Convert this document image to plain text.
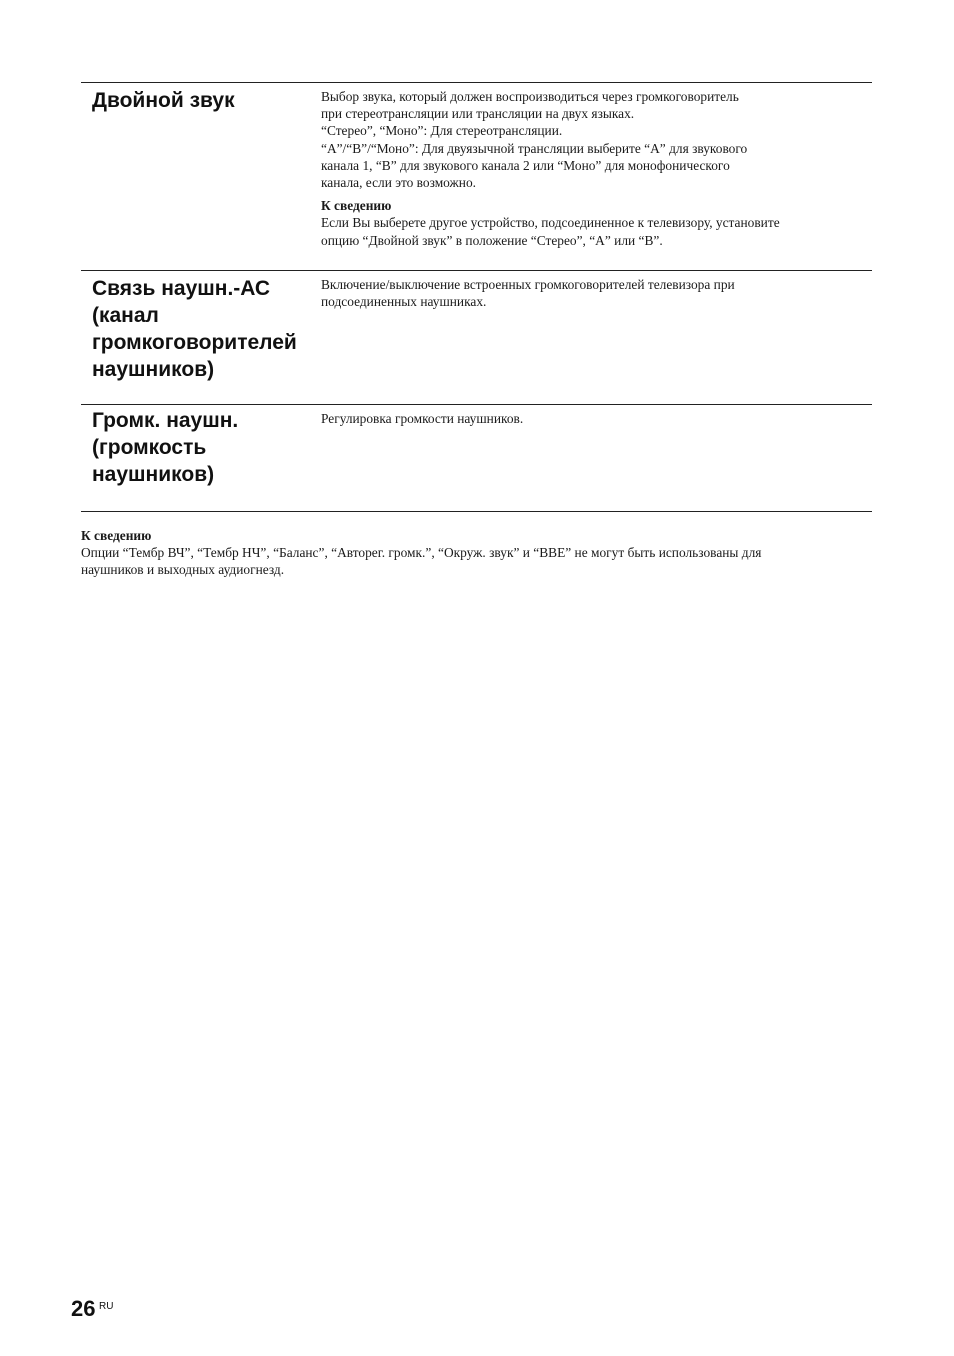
Двойной звук	Выбор звука, который должен воспроизводиться через громкоговоритель

при стереотрансляции или трансляции на двух языках.

“Стерео”, “Моно”: Для стереотрансляции.

“A”/“B”/“Моно”: Для двуязычной трансляции выберите “A” для звукового

канала 1, “B” для звукового канала 2 или “Моно” для монофонического

канала, если это возможно.

К сведению

Если Вы выберете другое устройство, подсоединенное к телевизору, установите

опцию “Двойной звук” в положение “Стерео”, “A” или “B”.

Связь наушн.-АС
(канал
громкоговорителей
наушников)

Включение/выключение встроенных громкоговорителей телевизора при

подсоединенных наушниках.

Громк. наушн.
(громкость
наушников)

Регулировка громкости наушников.

К сведению

Опции “Тембр ВЧ”, “Тембр НЧ”, “Баланс”, “Авторег. громк.”, “Окруж. звук” и “BBE” не могут быть использованы для

наушников и выходных аудиогнезд.

26 RU
